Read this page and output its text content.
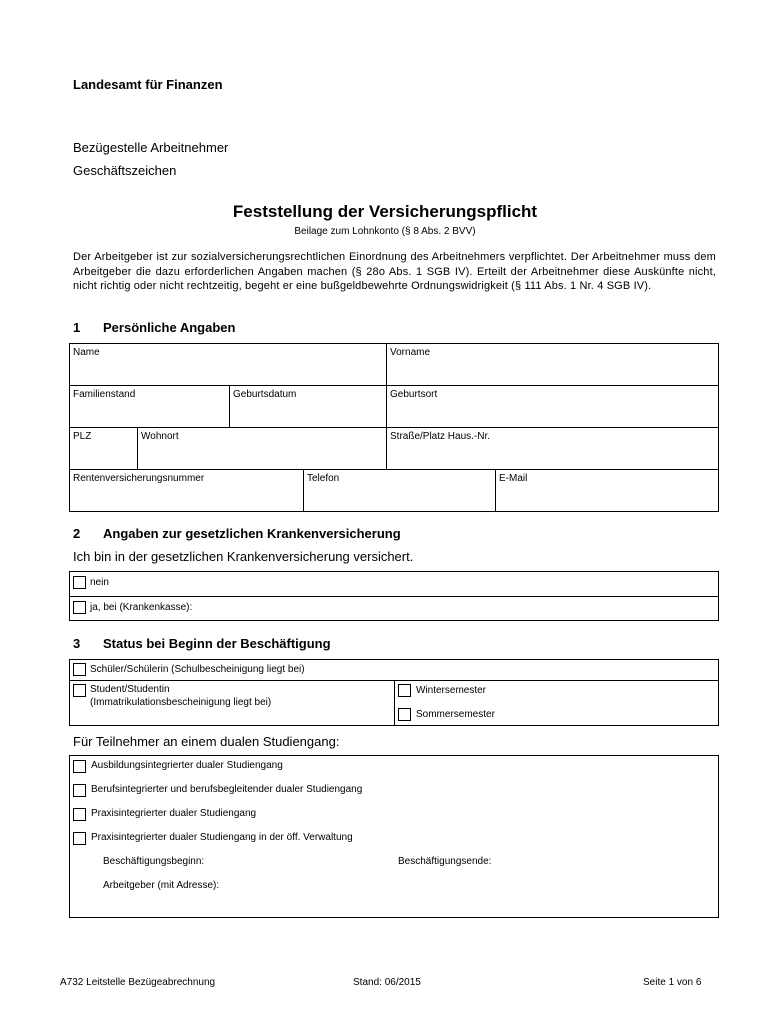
Landesamt für Finanzen
Bezügestelle Arbeitnehmer
Geschäftszeichen
Feststellung der Versicherungspflicht
Beilage zum Lohnkonto (§ 8 Abs. 2 BVV)
Der Arbeitgeber ist zur sozialversicherungsrechtlichen Einordnung des Arbeitnehmers verpflichtet. Der Arbeitnehmer muss dem Arbeitgeber die dazu erforderlichen Angaben machen (§ 28o Abs. 1 SGB IV). Erteilt der Arbeitnehmer diese Auskünfte nicht, nicht richtig oder nicht rechtzeitig, begeht er eine bußgeldbewehrte Ordnungswidrigkeit (§ 111 Abs. 1 Nr. 4 SGB IV).
1 Persönliche Angaben
Name	Vorname
Familienstand	Geburtsdatum	Geburtsort
PLZ	Wohnort	Straße/Platz Haus.-Nr.
Rentenversicherungsnummer	Telefon	E-Mail
2 Angaben zur gesetzlichen Krankenversicherung
Ich bin in der gesetzlichen Krankenversicherung versichert.
nein
ja, bei (Krankenkasse):
3 Status bei Beginn der Beschäftigung
Schüler/Schülerin (Schulbescheinigung liegt bei)
Student/Studentin
(Immatrikulationsbescheinigung liegt bei)
Wintersemester
Sommersemester
Für Teilnehmer an einem dualen Studiengang:
Ausbildungsintegrierter dualer Studiengang
Berufsintegrierter und berufsbegleitender dualer Studiengang
Praxisintegrierter dualer Studiengang
Praxisintegrierter dualer Studiengang in der öff. Verwaltung
Beschäftigungsbeginn:	Beschäftigungsende:
Arbeitgeber (mit Adresse):
A732 Leitstelle Bezügeabrechnung	Stand: 06/2015	Seite 1 von 6
